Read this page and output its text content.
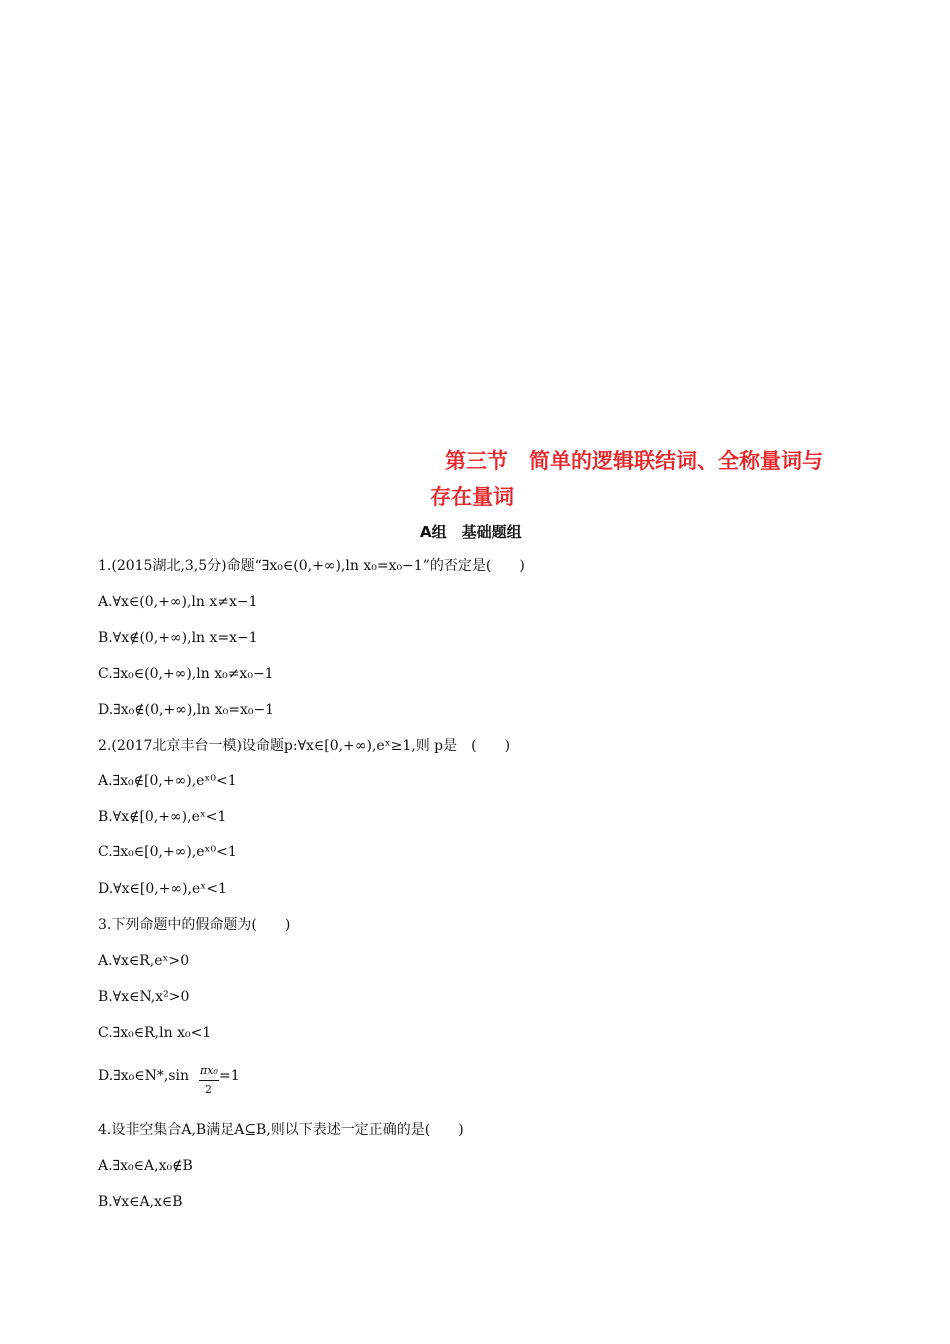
第三节　简单的逻辑联结词、全称量词与
存在量词
A组　基础题组
1.(2015湖北,3,5分)命题“∃x₀∈(0,+∞),ln x₀=x₀−1”的否定是(　　)
A.∀x∈(0,+∞),ln x≠x−1
B.∀x∉(0,+∞),ln x=x−1
C.∃x₀∈(0,+∞),ln x₀≠x₀−1
D.∃x₀∉(0,+∞),ln x₀=x₀−1
2.(2017北京丰台一模)设命题p:∀x∈[0,+∞),eˣ≥1,则 p是　(　　)
A.∃x₀∉[0,+∞),eˣ⁰<1
B.∀x∉[0,+∞),eˣ<1
C.∃x₀∈[0,+∞),eˣ⁰<1
D.∀x∈[0,+∞),eˣ<1
3.下列命题中的假命题为(　　)
A.∀x∈R,eˣ>0
B.∀x∈N,x²>0
C.∃x₀∈R,ln x₀<1
D.∃x₀∈N*,sin πx₀
2
=1
4.设非空集合A,B满足A⊆B,则以下表述一定正确的是(　　)
A.∃x₀∈A,x₀∉B
B.∀x∈A,x∈B
